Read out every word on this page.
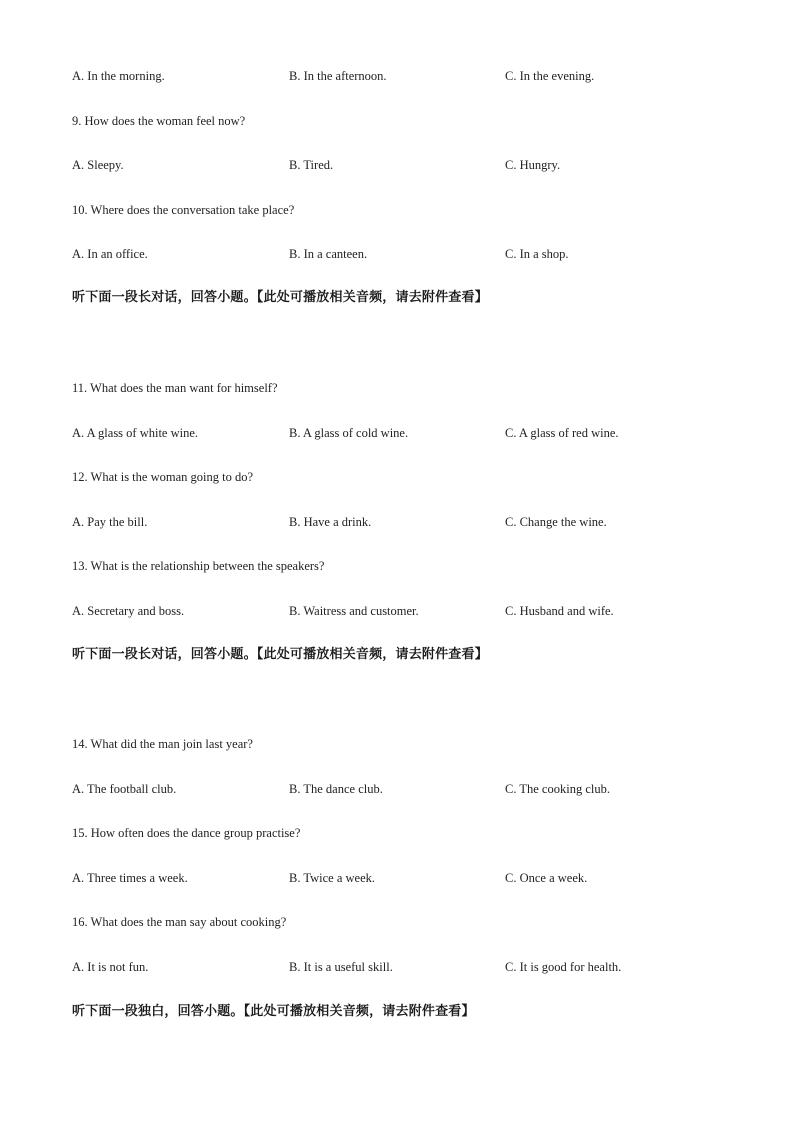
A. In the morning.	B. In the afternoon.	C. In the evening.
9. How does the woman feel now?
A. Sleepy.	B. Tired.	C. Hungry.
10. Where does the conversation take place?
A. In an office.	B. In a canteen.	C. In a shop.
听下面一段长对话，回答小题。【此处可播放相关音频，请去附件查看】
11. What does the man want for himself?
A. A glass of white wine.	B. A glass of cold wine.	C. A glass of red wine.
12. What is the woman going to do?
A. Pay the bill.	B. Have a drink.	C. Change the wine.
13. What is the relationship between the speakers?
A. Secretary and boss.	B. Waitress and customer.	C. Husband and wife.
听下面一段长对话，回答小题。【此处可播放相关音频，请去附件查看】
14. What did the man join last year?
A. The football club.	B. The dance club.	C. The cooking club.
15. How often does the dance group practise?
A. Three times a week.	B. Twice a week.	C. Once a week.
16. What does the man say about cooking?
A. It is not fun.	B. It is a useful skill.	C. It is good for health.
听下面一段独白，回答小题。【此处可播放相关音频，请去附件查看】
